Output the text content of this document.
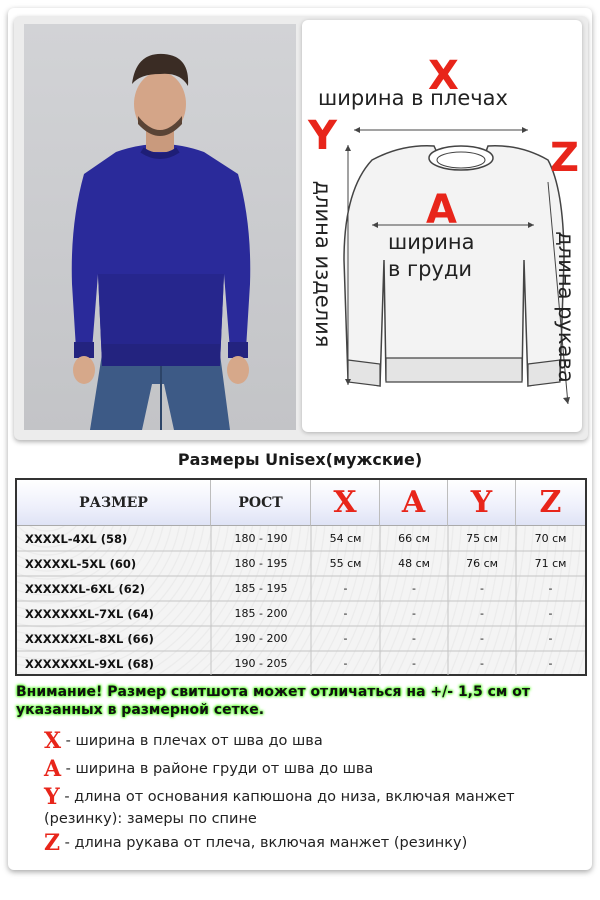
X
ширина в плечах
Y
длина изделия
Z
длина рукава
A
ширина
в груди
Размеры Unisex(мужские)
РАЗМЕР	РОСТ	X	A	Y	Z
XXXXL-4XL (58)	180 - 190	54 см	66 см	75 см	70 см
XXXXXL-5XL (60)	180 - 195	55 см	48 см	76 см	71 см
XXXXXXL-6XL (62)	185 - 195	-	-	-	-
XXXXXXXL-7XL (64)	185 - 200	-	-	-	-
XXXXXXXL-8XL (66)	190 - 200	-	-	-	-
XXXXXXXL-9XL (68)	190 - 205	-	-	-	-
Внимание! Размер свитшота может отличаться на +/- 1,5 см от указанных в размерной сетке.
X - ширина в плечах от шва до шва
A - ширина в районе груди от шва до шва
Y - длина от основания капюшона до низа, включая манжет (резинку): замеры по спине
Z - длина рукава от плеча, включая манжет (резинку)
